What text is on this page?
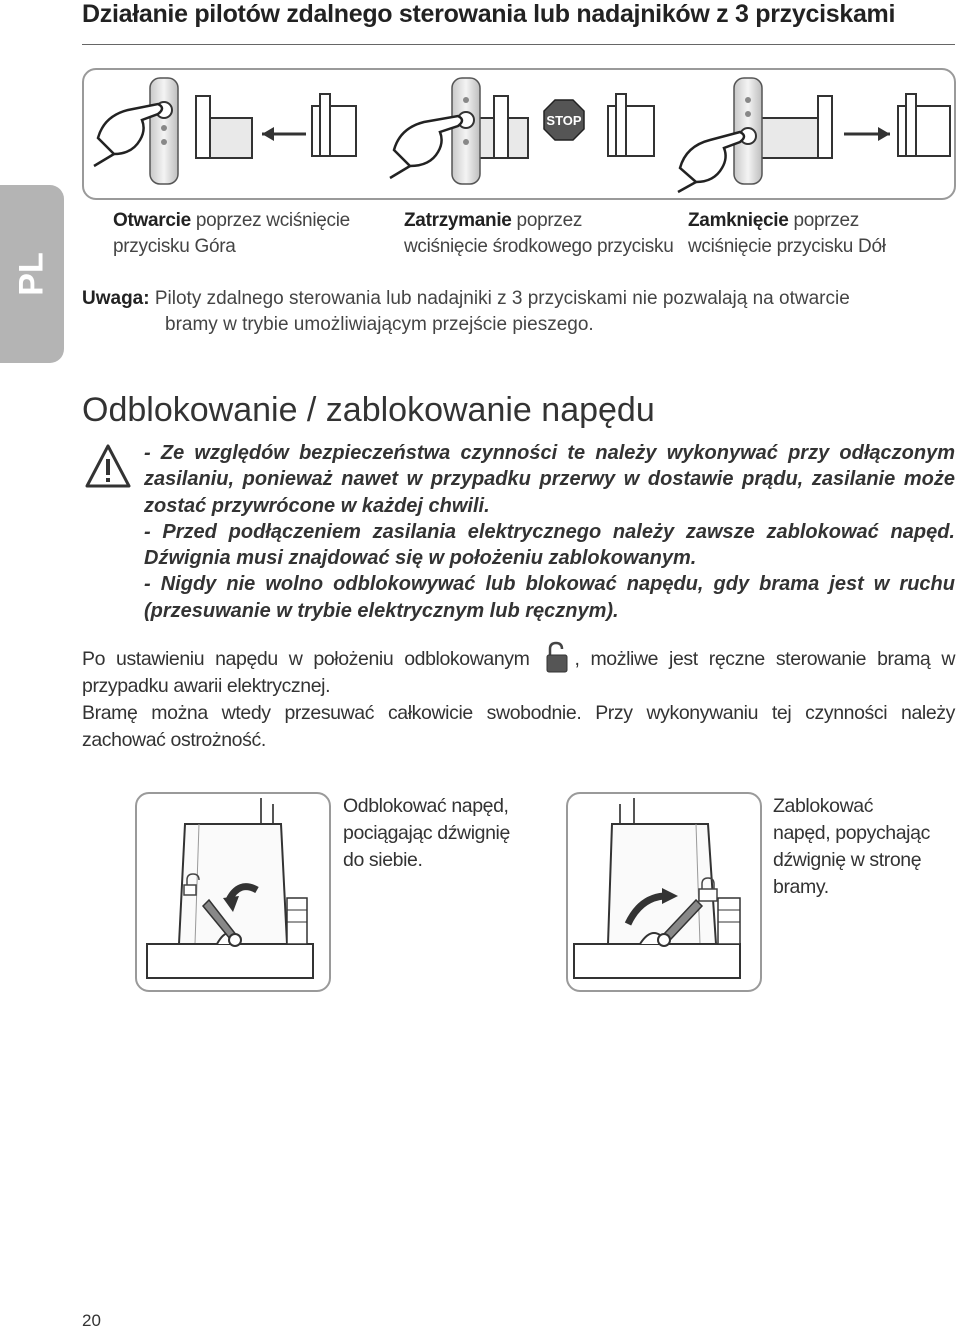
Działanie pilotów zdalnego sterowania lub nadajników z 3 przyciskami
STOP
PL
Otwarcie poprzez wciśnięcie
przycisku Góra
Zatrzymanie poprzez
wciśnięcie środkowego przycisku
Zamknięcie poprzez
wciśnięcie przycisku Dół
Uwaga: Piloty zdalnego sterowania lub nadajniki z 3 przyciskami nie pozwalają na otwarcie
bramy w trybie umożliwiającym przejście pieszego.
Odblokowanie / zablokowanie napędu

- Ze względów bezpieczeństwa czynności te należy wykonywać przy odłączonym zasilaniu, ponieważ nawet w przypadku przerwy w dostawie prądu, zasilanie może zostać przywrócone w każdej chwili.

- Przed podłączeniem zasilania elektrycznego należy zawsze zablokować napęd. Dźwignia musi znajdować się w położeniu zablokowanym.

- Nigdy nie wolno odblokowywać lub blokować napędu, gdy brama jest w ruchu (przesuwanie w trybie elektrycznym lub ręcznym).

Po ustawieniu napędu w położeniu odblokowanym , możliwe jest ręczne sterowanie bramą w przypadku awarii elektrycznej.

Bramę można wtedy przesuwać całkowicie swobodnie. Przy wykonywaniu tej czynności należy zachować ostrożność.

Odblokować napęd,
pociągając dźwignię
do siebie.
Zablokować
napęd, popychając
dźwignię w stronę
bramy.
20
